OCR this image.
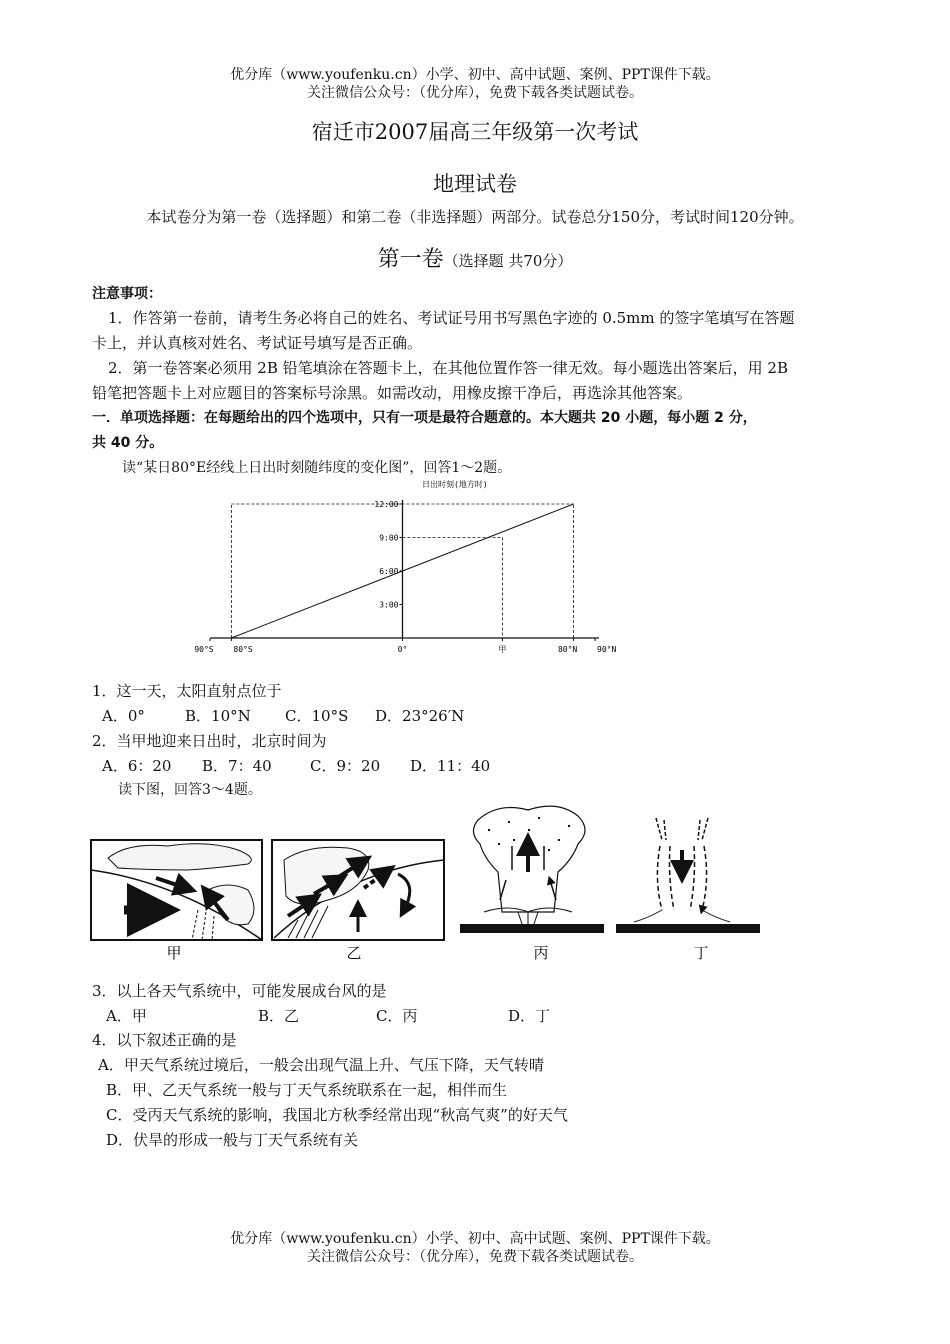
优分库（www.youfenku.cn）小学、初中、高中试题、案例、PPT课件下载。
关注微信公众号：（优分库），免费下载各类试题试卷。
宿迁市2007届高三年级第一次考试
地理试卷
本试卷分为第一卷（选择题）和第二卷（非选择题）两部分。试卷总分150分，考试时间120分钟。
第一卷（选择题 共70分）
注意事项：
1．作答第一卷前，请考生务必将自己的姓名、考试证号用书写黑色字迹的 0.5mm 的签字笔填写在答题
卡上，并认真核对姓名、考试证号填写是否正确。
2．第一卷答案必须用 2B 铅笔填涂在答题卡上，在其他位置作答一律无效。每小题选出答案后，用 2B
铅笔把答题卡上对应题目的答案标号涂黑。如需改动，用橡皮擦干净后，再选涂其他答案。
一．单项选择题：在每题给出的四个选项中，只有一项是最符合题意的。本大题共 20 小题，每小题 2 分，
共 40 分。
读“某日80°E经线上日出时刻随纬度的变化图”，回答1～2题。
日出时刻(地方时)
3:00
6:00
9:00
12:00
90°S 80°S	0°	甲	80°N 90°N
1．这一天，太阳直射点位于
A．0°	B．10°N C．10°S D．23°26′N
2．当甲地迎来日出时，北京时间为
A．6：20 B．7：40	C．9：20 D．11：40
读下图，回答3～4题。
甲	乙	丙	丁
3．以上各天气系统中，可能发展成台风的是
A．甲	B．乙	C．丙	D．丁
4．以下叙述正确的是
A．甲天气系统过境后，一般会出现气温上升、气压下降，天气转晴
B．甲、乙天气系统一般与丁天气系统联系在一起，相伴而生
C．受丙天气系统的影响，我国北方秋季经常出现“秋高气爽”的好天气
D．伏旱的形成一般与丁天气系统有关
优分库（www.youfenku.cn）小学、初中、高中试题、案例、PPT课件下载。
关注微信公众号：（优分库），免费下载各类试题试卷。
